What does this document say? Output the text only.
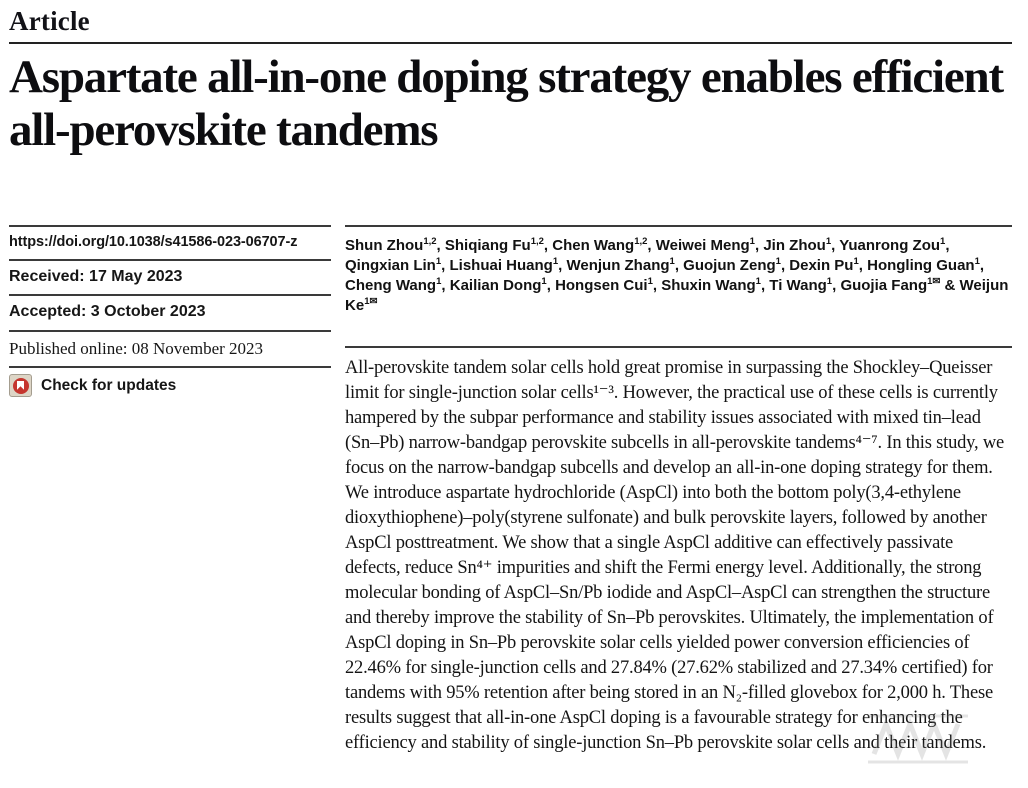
Article
Aspartate all-in-one doping strategy enables efficient all-perovskite tandems
https://doi.org/10.1038/s41586-023-06707-z
Received: 17 May 2023
Accepted: 3 October 2023
Published online: 08 November 2023
Check for updates
Shun Zhou$^{1,2}$, Shiqiang Fu$^{1,2}$, Chen Wang$^{1,2}$, Weiwei Meng$^1$, Jin Zhou$^1$, Yuanrong Zou$^1$, Qingxian Lin$^1$, Lishuai Huang$^1$, Wenjun Zhang$^1$, Guojun Zeng$^1$, Dexin Pu$^1$, Hongling Guan$^1$, Cheng Wang$^1$, Kailian Dong$^1$, Hongsen Cui$^1$, Shuxin Wang$^1$, Ti Wang$^1$, Guojia Fang$^{1✉}$ & Weijun $Ke^{1✉}$

All-perovskite tandem solar cells hold great promise in surpassing the Shockley–Queisser limit for single-junction solar cells¹⁻³. However, the practical use of these cells is currently hampered by the subpar performance and stability issues associated with mixed tin–lead (Sn–Pb) narrow-bandgap perovskite subcells in all-perovskite tandems⁴⁻⁷. In this study, we focus on the narrow-bandgap subcells and develop an all-in-one doping strategy for them. We introduce aspartate hydrochloride (AspCl) into both the bottom poly(3,4-ethylene dioxythiophene)–poly(styrene sulfonate) and bulk perovskite layers, followed by another AspCl posttreatment. We show that a single AspCl additive can effectively passivate defects, reduce Sn⁴⁺ impurities and shift the Fermi energy level. Additionally, the strong molecular bonding of AspCl–Sn/Pb iodide and AspCl–AspCl can strengthen the structure and thereby improve the stability of Sn–Pb perovskites. Ultimately, the implementation of AspCl doping in Sn–Pb perovskite solar cells yielded power conversion efficiencies of 22.46% for single-junction cells and 27.84% (27.62% stabilized and 27.34% certified) for tandems with 95% retention after being stored in an N₂-filled glovebox for 2,000 h. These results suggest that all-in-one AspCl doping is a favourable strategy for enhancing the efficiency and stability of single-junction Sn–Pb perovskite solar cells and their tandems.
